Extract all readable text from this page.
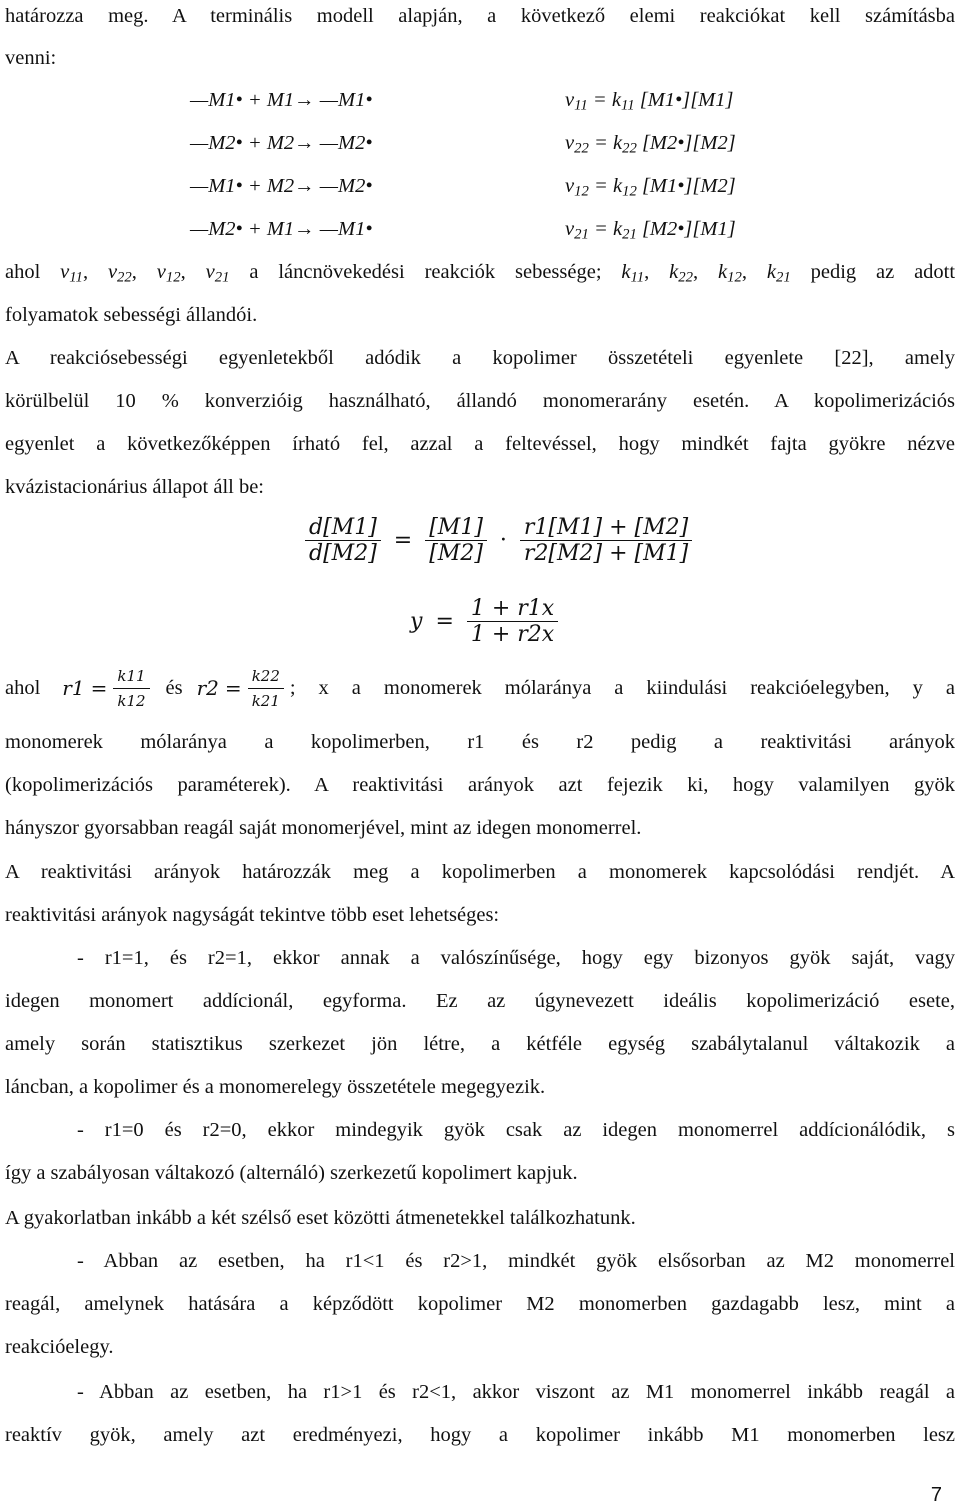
határozza meg. A terminális modell alapján, a következő elemi reakciókat kell számításba
venni:
—M1• + M1→ —M1•	$v_{11} = k_{11}$ [M1•][M1]
—M2• + M2→ —M2•	$v_{22} = k_{22}$ [M2•][M2]
—M1• + M2→ —M2•	$v_{12} = k_{12}$ [M1•][M2]
—M2• + M1→ —M1•	$v_{21} = k_{21}$ [M2•][M1]
ahol $v_{11}$, $v_{22}$, $v_{12}$, $v_{21}$ a láncnövekedési reakciók sebessége; $k_{11}$, $k_{22}$, $k_{12}$, $k_{21}$ pedig az adott
folyamatok sebességi állandói.
A reakciósebességi egyenletekből adódik a kopolimer összetételi egyenlete [22], amely
körülbelül 10 % konverzióig használható, állandó monomerarány esetén. A kopolimerizációs
egyenlet a következőképpen írható fel, azzal a feltevéssel, hogy mindkét fajta gyökre nézve
kvázistacionárius állapot áll be:
$\frac{d[M1]}{d[M2]} = \frac{[M1]}{[M2]} \cdot \frac{r1[M1] + [M2]}{r2[M2] + [M1]}$
$y = \frac{1 + r1x}{1 + r2x}$
ahol $r1 = \frac{k11}{k12}$ és $r2 = \frac{k22}{k21}$ ; x a monomerek mólaránya a kiindulási reakcióelegyben, y a
monomerek mólaránya a kopolimerben, r1 és r2 pedig a reaktivitási arányok
(kopolimerizációs paraméterek). A reaktivitási arányok azt fejezik ki, hogy valamilyen gyök
hányszor gyorsabban reagál saját monomerjével, mint az idegen monomerrel.
A reaktivitási arányok határozzák meg a kopolimerben a monomerek kapcsolódási rendjét. A
reaktivitási arányok nagyságát tekintve több eset lehetséges:
- r1=1, és r2=1, ekkor annak a valószínűsége, hogy egy bizonyos gyök saját, vagy
idegen monomert addícionál, egyforma. Ez az úgynevezett ideális kopolimerizáció esete,
amely során statisztikus szerkezet jön létre, a kétféle egység szabálytalanul váltakozik a
láncban, a kopolimer és a monomerelegy összetétele megegyezik.
- r1=0 és r2=0, ekkor mindegyik gyök csak az idegen monomerrel addícionálódik, s
így a szabályosan váltakozó (alternáló) szerkezetű kopolimert kapjuk.
A gyakorlatban inkább a két szélső eset közötti átmenetekkel találkozhatunk.
- Abban az esetben, ha r1<1 és r2>1, mindkét gyök elsősorban az M2 monomerrel
reagál, amelynek hatására a képződött kopolimer M2 monomerben gazdagabb lesz, mint a
reakcióelegy.
- Abban az esetben, ha r1>1 és r2<1, akkor viszont az M1 monomerrel inkább reagál a
reaktív gyök, amely azt eredményezi, hogy a kopolimer inkább M1 monomerben lesz
7
